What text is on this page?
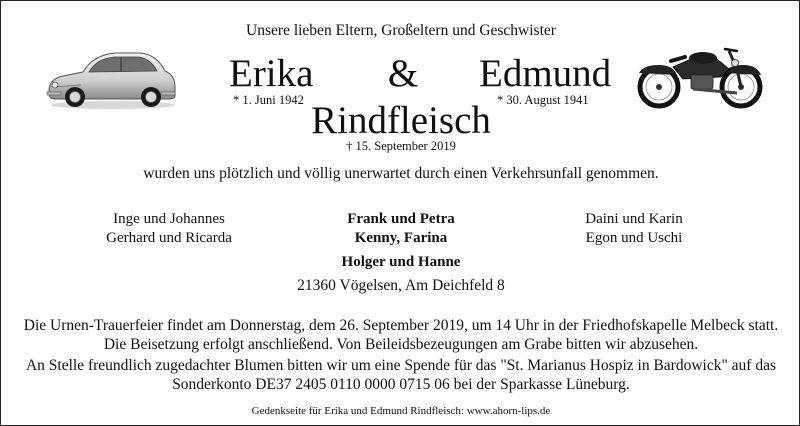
Unsere lieben Eltern, Großeltern und Geschwister
Erika	& Edmund
* 1. Juni 1942	* 30. August 1941
Rindfleisch
† 15. September 2019
wurden uns plötzlich und völlig unerwartet durch einen Verkehrsunfall genommen.
Inge und Johannes
Gerhard und Ricarda
Frank und Petra
Kenny, Farina
Holger und Hanne
Daini und Karin
Egon und Uschi
21360 Vögelsen, Am Deichfeld 8
Die Urnen-Trauerfeier findet am Donnerstag, dem 26. September 2019, um 14 Uhr in der Friedhofskapelle Melbeck statt.
Die Beisetzung erfolgt anschließend. Von Beileidsbezeugungen am Grabe bitten wir abzusehen.
An Stelle freundlich zugedachter Blumen bitten wir um eine Spende für das "St. Marianus Hospiz in Bardowick" auf das
Sonderkonto DE37 2405 0110 0000 0715 06 bei der Sparkasse Lüneburg.
Gedenkseite für Erika und Edmund Rindfleisch: www.ahorn-lips.de
